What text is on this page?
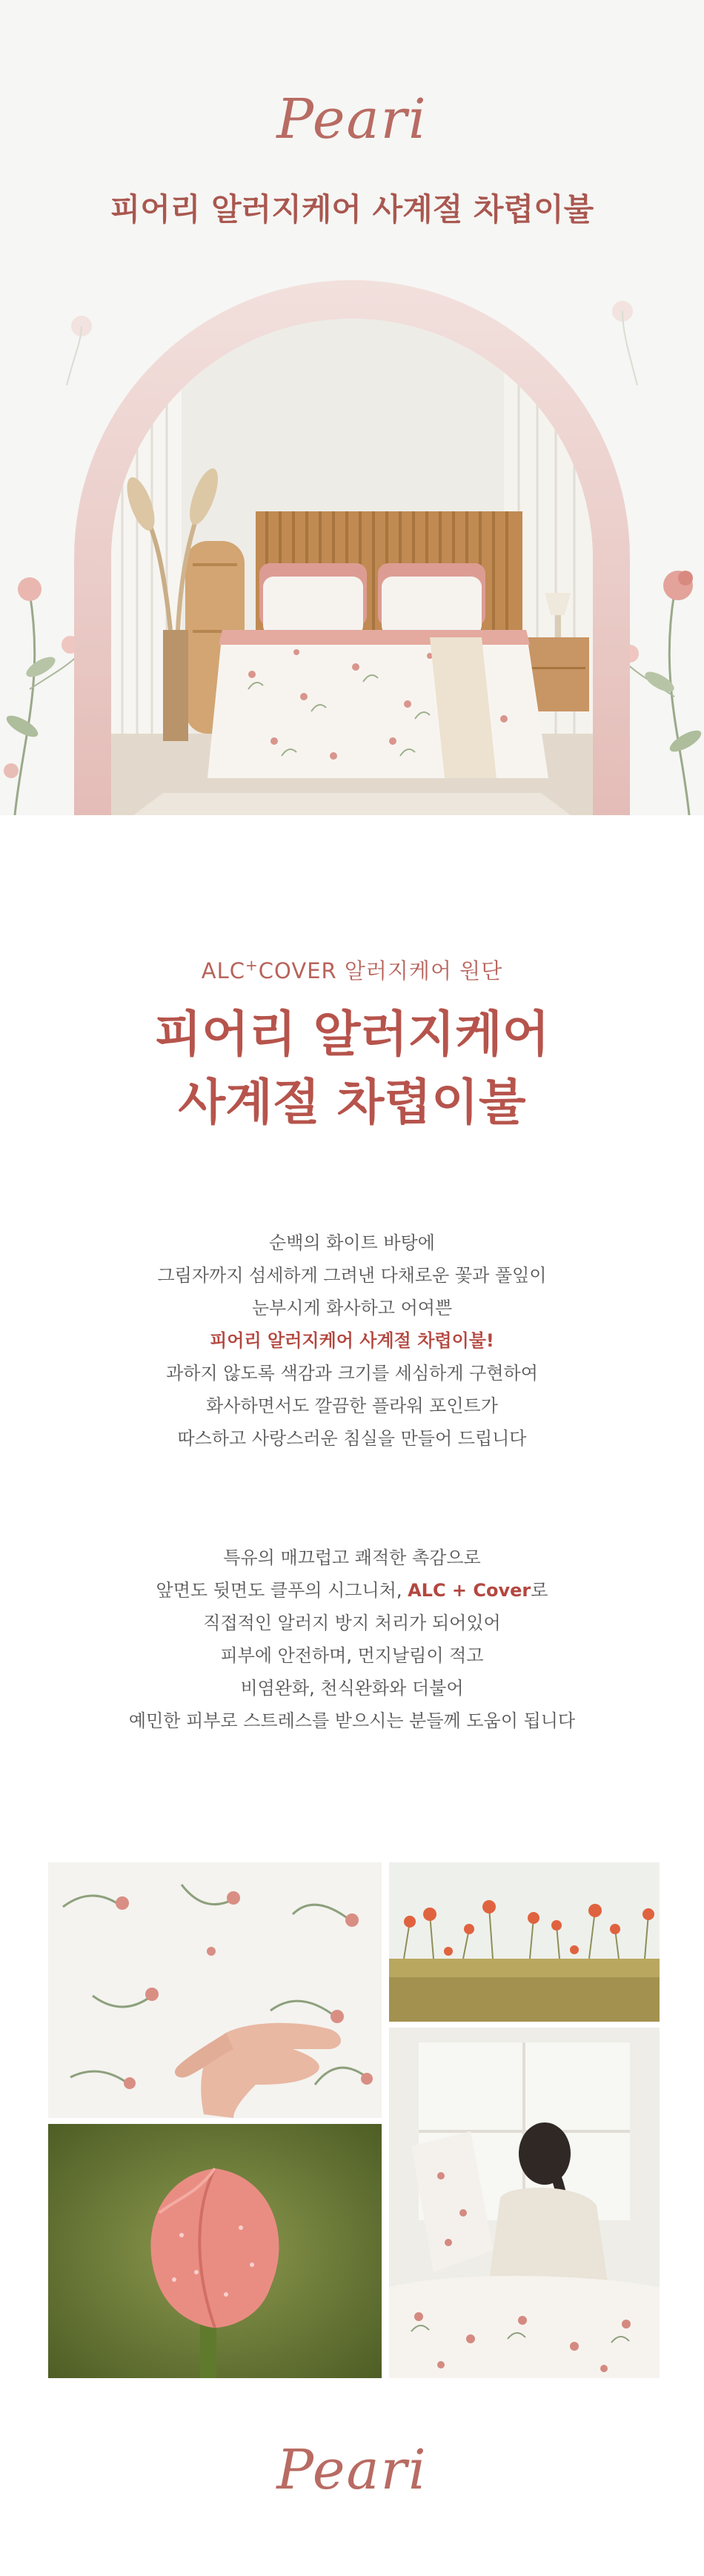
Peari
피어리 알러지케어 사계절 차렵이불
ALC+COVER 알러지케어 원단
피어리 알러지케어
사계절 차렵이불
순백의 화이트 바탕에
그림자까지 섬세하게 그려낸 다채로운 꽃과 풀잎이
눈부시게 화사하고 어여쁜
피어리 알러지케어 사계절 차렵이불!
과하지 않도록 색감과 크기를 세심하게 구현하여
화사하면서도 깔끔한 플라워 포인트가
따스하고 사랑스러운 침실을 만들어 드립니다
특유의 매끄럽고 쾌적한 촉감으로
앞면도 뒷면도 클푸의 시그니처, ALC + Cover로
직접적인 알러지 방지 처리가 되어있어
피부에 안전하며, 먼지날림이 적고
비염완화, 천식완화와 더불어
예민한 피부로 스트레스를 받으시는 분들께 도움이 됩니다
Peari
